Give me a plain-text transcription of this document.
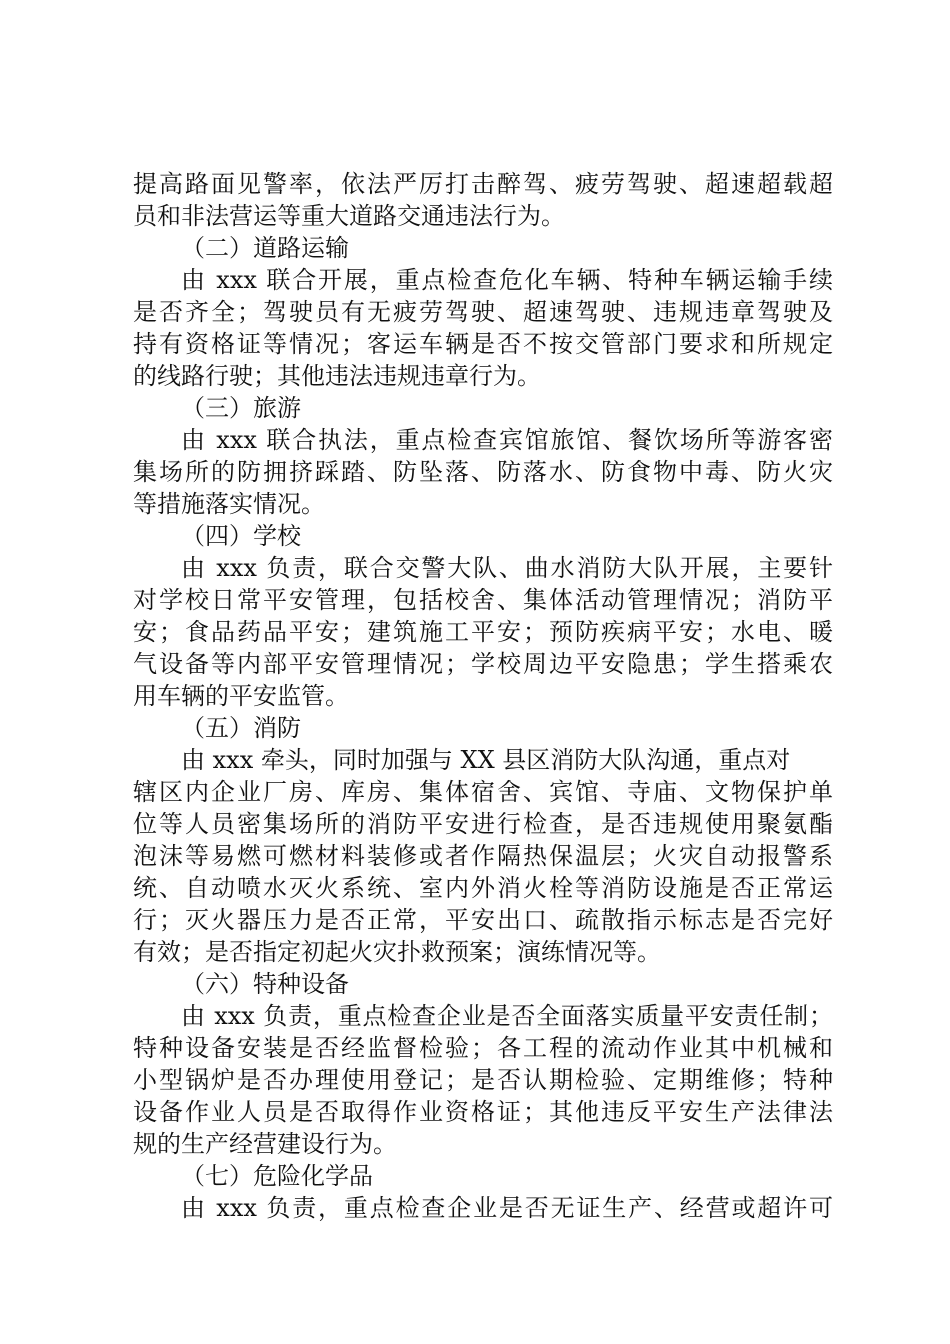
提高路面见警率，依法严厉打击醉驾、疲劳驾驶、超速超载超
员和非法营运等重大道路交通违法行为。
（二）道路运输
由 xxx 联合开展，重点检查危化车辆、特种车辆运输手续
是否齐全；驾驶员有无疲劳驾驶、超速驾驶、违规违章驾驶及
持有资格证等情况；客运车辆是否不按交管部门要求和所规定
的线路行驶；其他违法违规违章行为。
（三）旅游
由 xxx 联合执法，重点检查宾馆旅馆、餐饮场所等游客密
集场所的防拥挤踩踏、防坠落、防落水、防食物中毒、防火灾
等措施落实情况。
（四）学校
由 xxx 负责，联合交警大队、曲水消防大队开展，主要针
对学校日常平安管理，包括校舍、集体活动管理情况；消防平
安；食品药品平安；建筑施工平安；预防疾病平安；水电、暖
气设备等内部平安管理情况；学校周边平安隐患；学生搭乘农
用车辆的平安监管。
（五）消防
由 xxx 牵头，同时加强与 XX 县区消防大队沟通，重点对
辖区内企业厂房、库房、集体宿舍、宾馆、寺庙、文物保护单
位等人员密集场所的消防平安进行检查，是否违规使用聚氨酯
泡沫等易燃可燃材料装修或者作隔热保温层；火灾自动报警系
统、自动喷水灭火系统、室内外消火栓等消防设施是否正常运
行；灭火器压力是否正常，平安出口、疏散指示标志是否完好
有效；是否指定初起火灾扑救预案；演练情况等。
（六）特种设备
由 xxx 负责，重点检查企业是否全面落实质量平安责任制；
特种设备安装是否经监督检验；各工程的流动作业其中机械和
小型锅炉是否办理使用登记；是否认期检验、定期维修；特种
设备作业人员是否取得作业资格证；其他违反平安生产法律法
规的生产经营建设行为。
（七）危险化学品
由 xxx 负责，重点检查企业是否无证生产、经营或超许可
